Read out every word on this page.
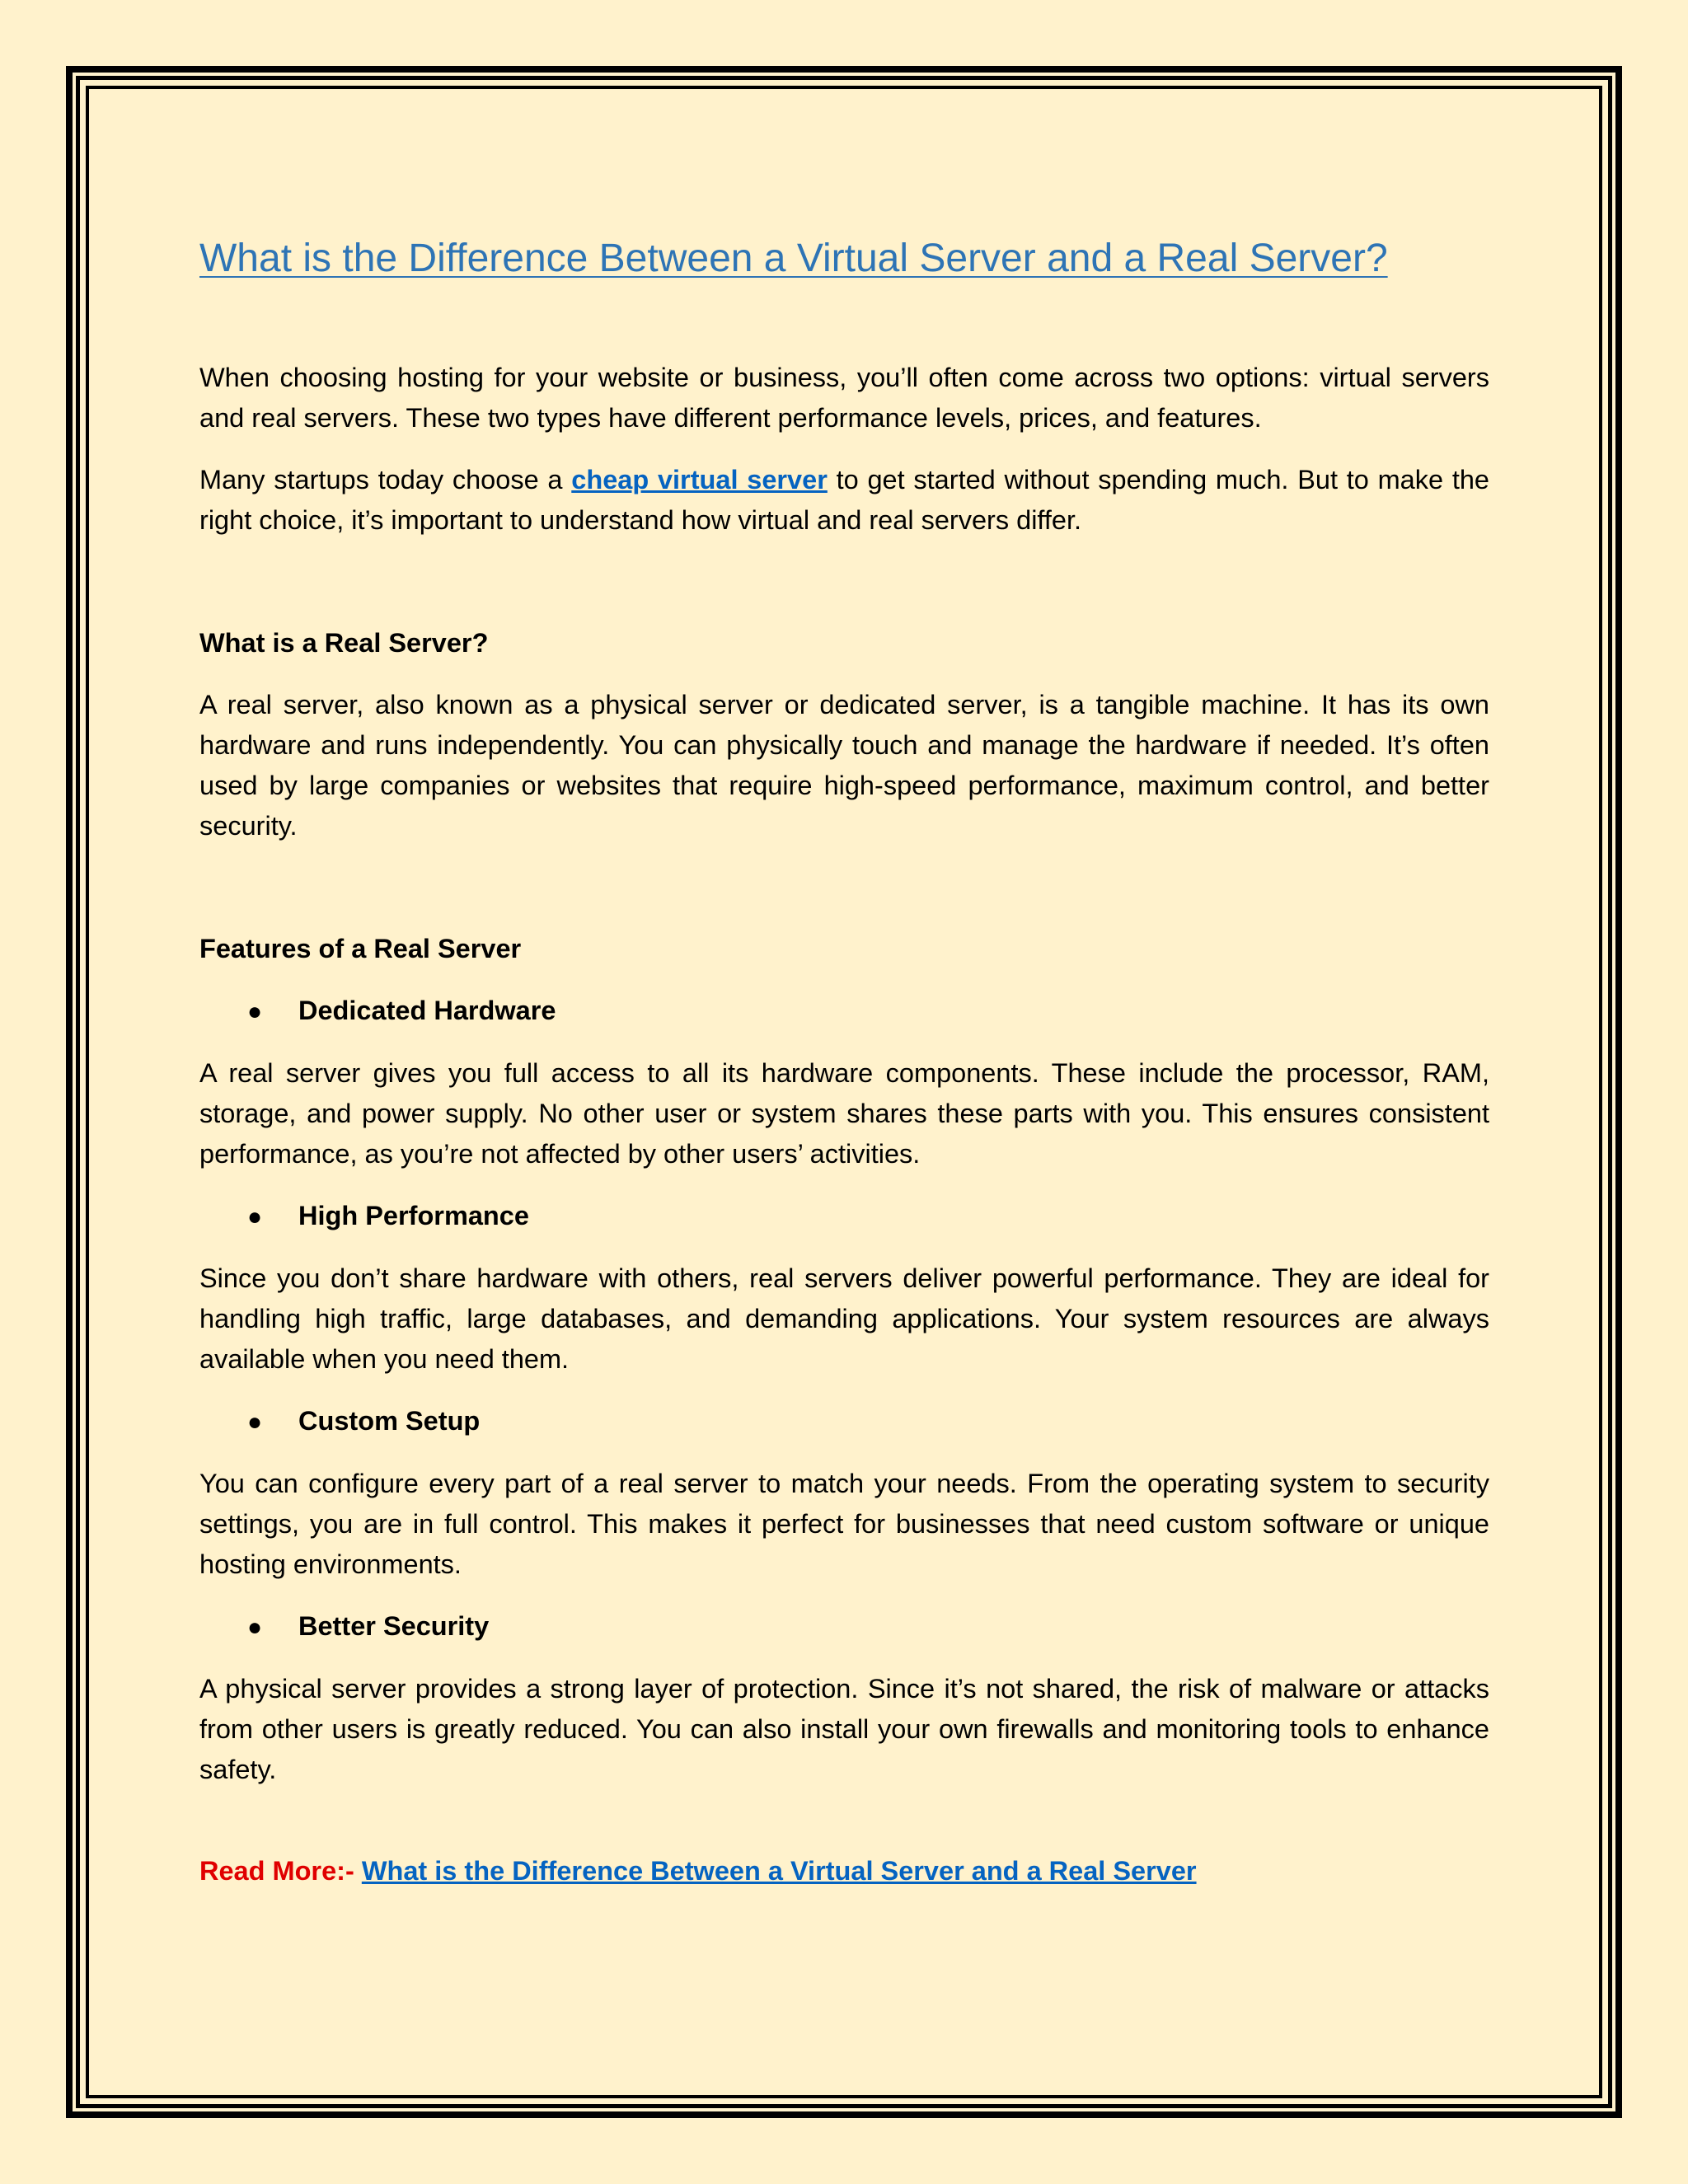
What is the Difference Between a Virtual Server and a Real Server?

When choosing hosting for your website or business, you’ll often come across two options: virtual servers and real servers. These two types have different performance levels, prices, and features.

Many startups today choose a cheap virtual server to get started without spending much. But to make the right choice, it’s important to understand how virtual and real servers differ.

What is a Real Server?

A real server, also known as a physical server or dedicated server, is a tangible machine. It has its own hardware and runs independently. You can physically touch and manage the hardware if needed. It’s often used by large companies or websites that require high-speed performance, maximum control, and better security.

Features of a Real Server
●	Dedicated Hardware

A real server gives you full access to all its hardware components. These include the processor, RAM, storage, and power supply. No other user or system shares these parts with you. This ensures consistent performance, as you’re not affected by other users’ activities.

●	High Performance

Since you don’t share hardware with others, real servers deliver powerful performance. They are ideal for handling high traffic, large databases, and demanding applications. Your system resources are always available when you need them.

●	Custom Setup

You can configure every part of a real server to match your needs. From the operating system to security settings, you are in full control. This makes it perfect for businesses that need custom software or unique hosting environments.

●	Better Security

A physical server provides a strong layer of protection. Since it’s not shared, the risk of malware or attacks from other users is greatly reduced. You can also install your own firewalls and monitoring tools to enhance safety.

Read More:- What is the Difference Between a Virtual Server and a Real Server
